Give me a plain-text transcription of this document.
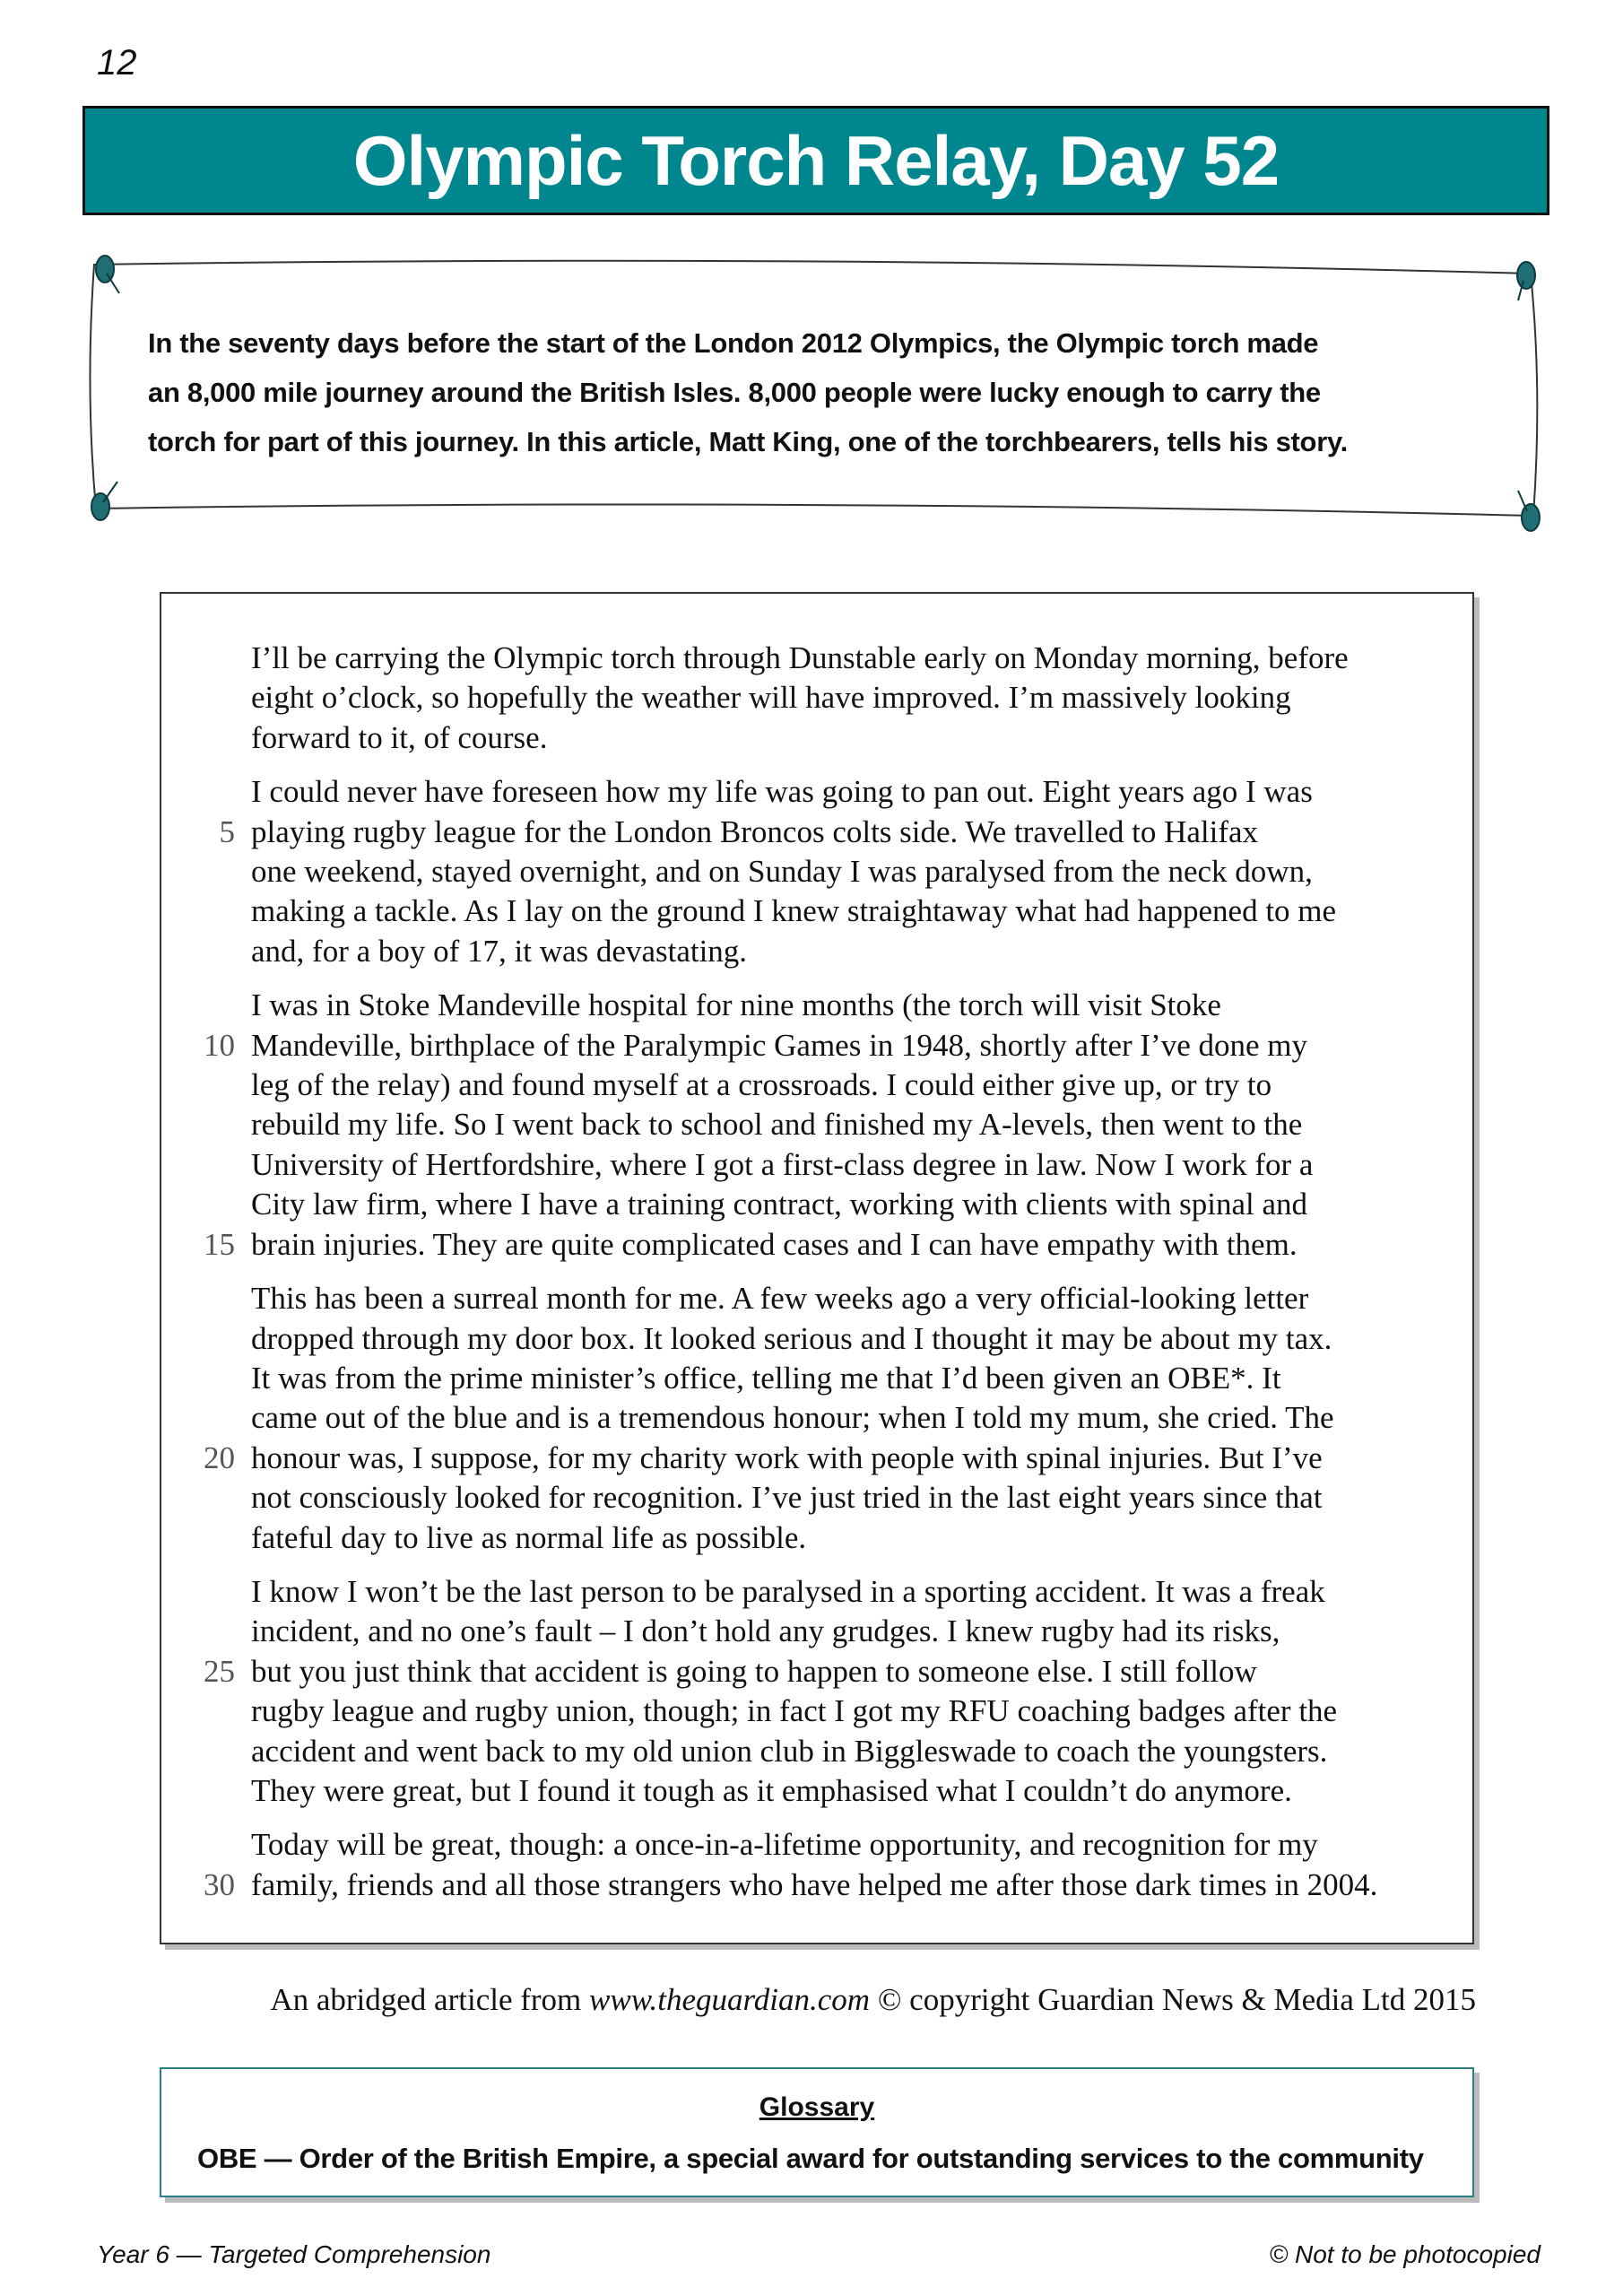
12
Olympic Torch Relay, Day 52
In the seventy days before the start of the London 2012 Olympics, the Olympic torch made
an 8,000 mile journey around the British Isles. 8,000 people were lucky enough to carry the
torch for part of this journey. In this article, Matt King, one of the torchbearers, tells his story.
I’ll be carrying the Olympic torch through Dunstable early on Monday morning, before
eight o’clock, so hopefully the weather will have improved. I’m massively looking
forward to it, of course.
I could never have foreseen how my life was going to pan out. Eight years ago I was
5 playing rugby league for the London Broncos colts side. We travelled to Halifax
one weekend, stayed overnight, and on Sunday I was paralysed from the neck down,
making a tackle. As I lay on the ground I knew straightaway what had happened to me
and, for a boy of 17, it was devastating.
I was in Stoke Mandeville hospital for nine months (the torch will visit Stoke
10 Mandeville, birthplace of the Paralympic Games in 1948, shortly after I’ve done my
leg of the relay) and found myself at a crossroads. I could either give up, or try to
rebuild my life. So I went back to school and finished my A-levels, then went to the
University of Hertfordshire, where I got a first-class degree in law. Now I work for a
City law firm, where I have a training contract, working with clients with spinal and
15 brain injuries. They are quite complicated cases and I can have empathy with them.
This has been a surreal month for me. A few weeks ago a very official-looking letter
dropped through my door box. It looked serious and I thought it may be about my tax.
It was from the prime minister’s office, telling me that I’d been given an OBE*. It
came out of the blue and is a tremendous honour; when I told my mum, she cried. The
20 honour was, I suppose, for my charity work with people with spinal injuries. But I’ve
not consciously looked for recognition. I’ve just tried in the last eight years since that
fateful day to live as normal life as possible.
I know I won’t be the last person to be paralysed in a sporting accident. It was a freak
incident, and no one’s fault – I don’t hold any grudges. I knew rugby had its risks,
25 but you just think that accident is going to happen to someone else. I still follow
rugby league and rugby union, though; in fact I got my RFU coaching badges after the
accident and went back to my old union club in Biggleswade to coach the youngsters.
They were great, but I found it tough as it emphasised what I couldn’t do anymore.
Today will be great, though: a once-in-a-lifetime opportunity, and recognition for my
30 family, friends and all those strangers who have helped me after those dark times in 2004.
An abridged article from www.theguardian.com © copyright Guardian News & Media Ltd 2015
Glossary
OBE — Order of the British Empire, a special award for outstanding services to the community
Year 6 — Targeted Comprehension	© Not to be photocopied
